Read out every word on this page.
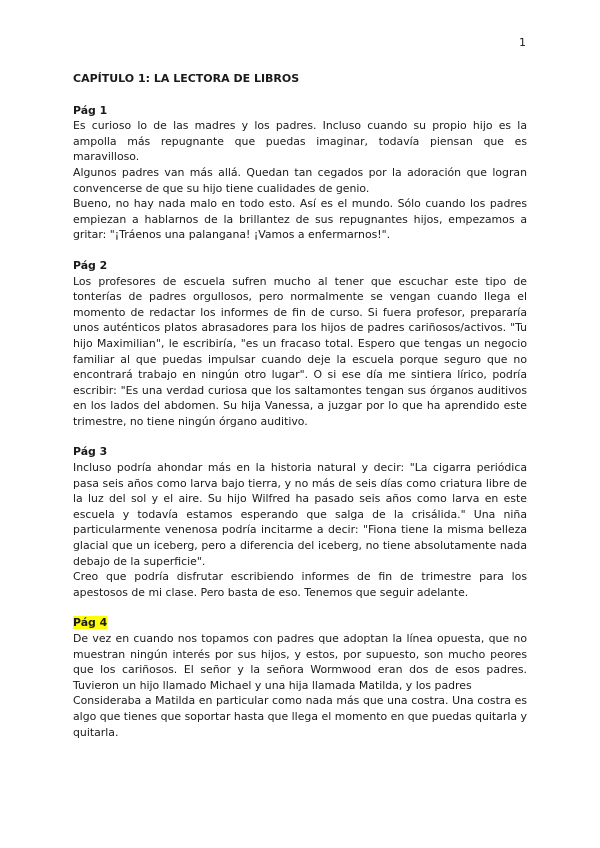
1
CAPÍTULO 1: LA LECTORA DE LIBROS
Pág 1

Es curioso lo de las madres y los padres. Incluso cuando su propio hijo es la ampolla más repugnante que puedas imaginar, todavía piensan que es maravilloso.

Algunos padres van más allá. Quedan tan cegados por la adoración que logran convencerse de que su hijo tiene cualidades de genio.

Bueno, no hay nada malo en todo esto. Así es el mundo. Sólo cuando los padres empiezan a hablarnos de la brillantez de sus repugnantes hijos, empezamos a gritar: "¡Tráenos una palangana! ¡Vamos a enfermarnos!".

Pág 2

Los profesores de escuela sufren mucho al tener que escuchar este tipo de tonterías de padres orgullosos, pero normalmente se vengan cuando llega el momento de redactar los informes de fin de curso. Si fuera profesor, prepararía unos auténticos platos abrasadores para los hijos de padres cariñosos/activos. "Tu hijo Maximilian", le escribiría, "es un fracaso total. Espero que tengas un negocio familiar al que puedas impulsar cuando deje la escuela porque seguro que no encontrará trabajo en ningún otro lugar". O si ese día me sintiera lírico, podría escribir: "Es una verdad curiosa que los saltamontes tengan sus órganos auditivos en los lados del abdomen. Su hija Vanessa, a juzgar por lo que ha aprendido este trimestre, no tiene ningún órgano auditivo.

Pág 3

Incluso podría ahondar más en la historia natural y decir: "La cigarra periódica pasa seis años como larva bajo tierra, y no más de seis días como criatura libre de la luz del sol y el aire. Su hijo Wilfred ha pasado seis años como larva en este escuela y todavía estamos esperando que salga de la crisálida." Una niña particularmente venenosa podría incitarme a decir: "Fiona tiene la misma belleza glacial que un iceberg, pero a diferencia del iceberg, no tiene absolutamente nada debajo de la superficie".

Creo que podría disfrutar escribiendo informes de fin de trimestre para los apestosos de mi clase. Pero basta de eso. Tenemos que seguir adelante.

Pág 4

De vez en cuando nos topamos con padres que adoptan la línea opuesta, que no muestran ningún interés por sus hijos, y estos, por supuesto, son mucho peores que los cariñosos. El señor y la señora Wormwood eran dos de esos padres. Tuvieron un hijo llamado Michael y una hija llamada Matilda, y los padres

Consideraba a Matilda en particular como nada más que una costra. Una costra es algo que tienes que soportar hasta que llega el momento en que puedas quitarla y quitarla.
